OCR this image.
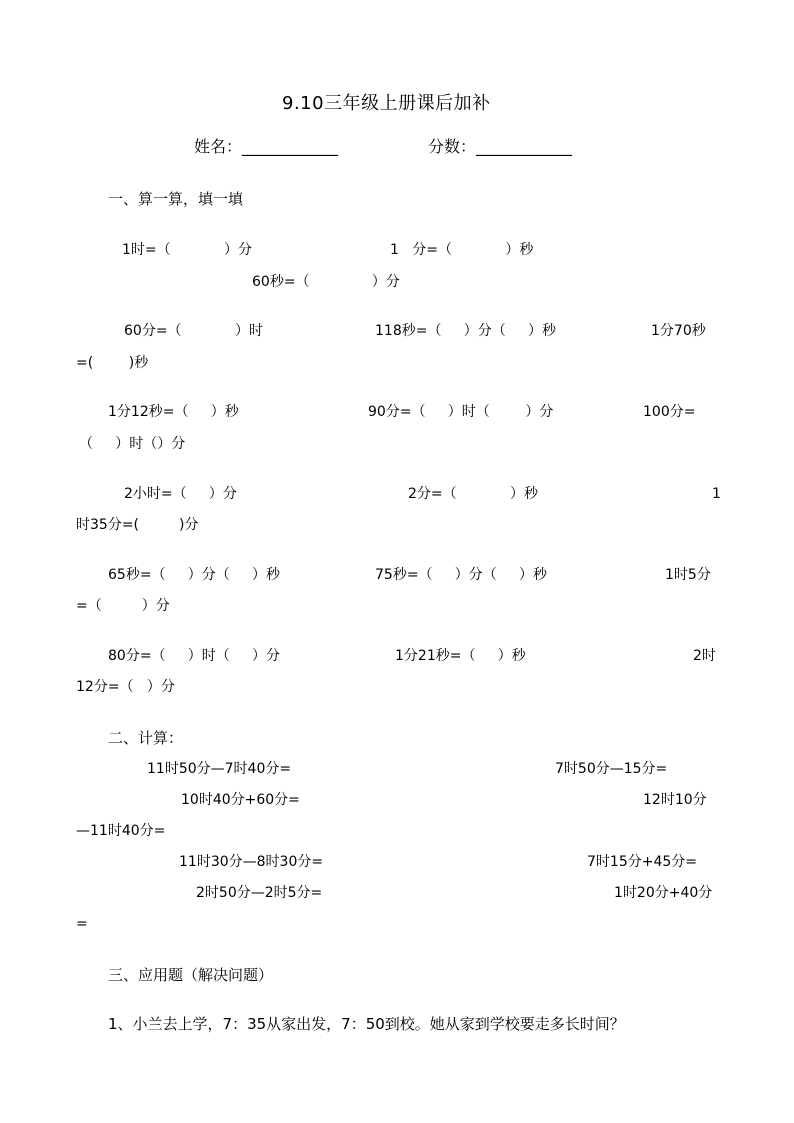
9.10三年级上册课后加补
姓名：____________	分数：____________
一、算一算，填一填
1时=（            ）分	1   分=（            ）秒
60秒=（              ）分
60分=（            ）时	118秒=（     ）分（     ）秒	1分70秒
=(        )秒
1分12秒=（     ）秒	90分=（     ）时（        ）分	100分=
（     ）时（）分
2小时=（     ）分	2分=（            ）秒	1
时35分=(         )分
65秒=（     ）分（     ）秒	75秒=（     ）分（     ）秒	1时5分
=（         ）分
80分=（     ）时（     ）分	1分21秒=（     ）秒	2时
12分=（   ）分
二、计算：
11时50分—7时40分=	7时50分—15分=
10时40分+60分=	12时10分
—11时40分=
11时30分—8时30分=	7时15分+45分=
2时50分—2时5分=	1时20分+40分
=
三、应用题（解决问题）
1、小兰去上学，7：35从家出发，7：50到校。她从家到学校要走多长时间？
